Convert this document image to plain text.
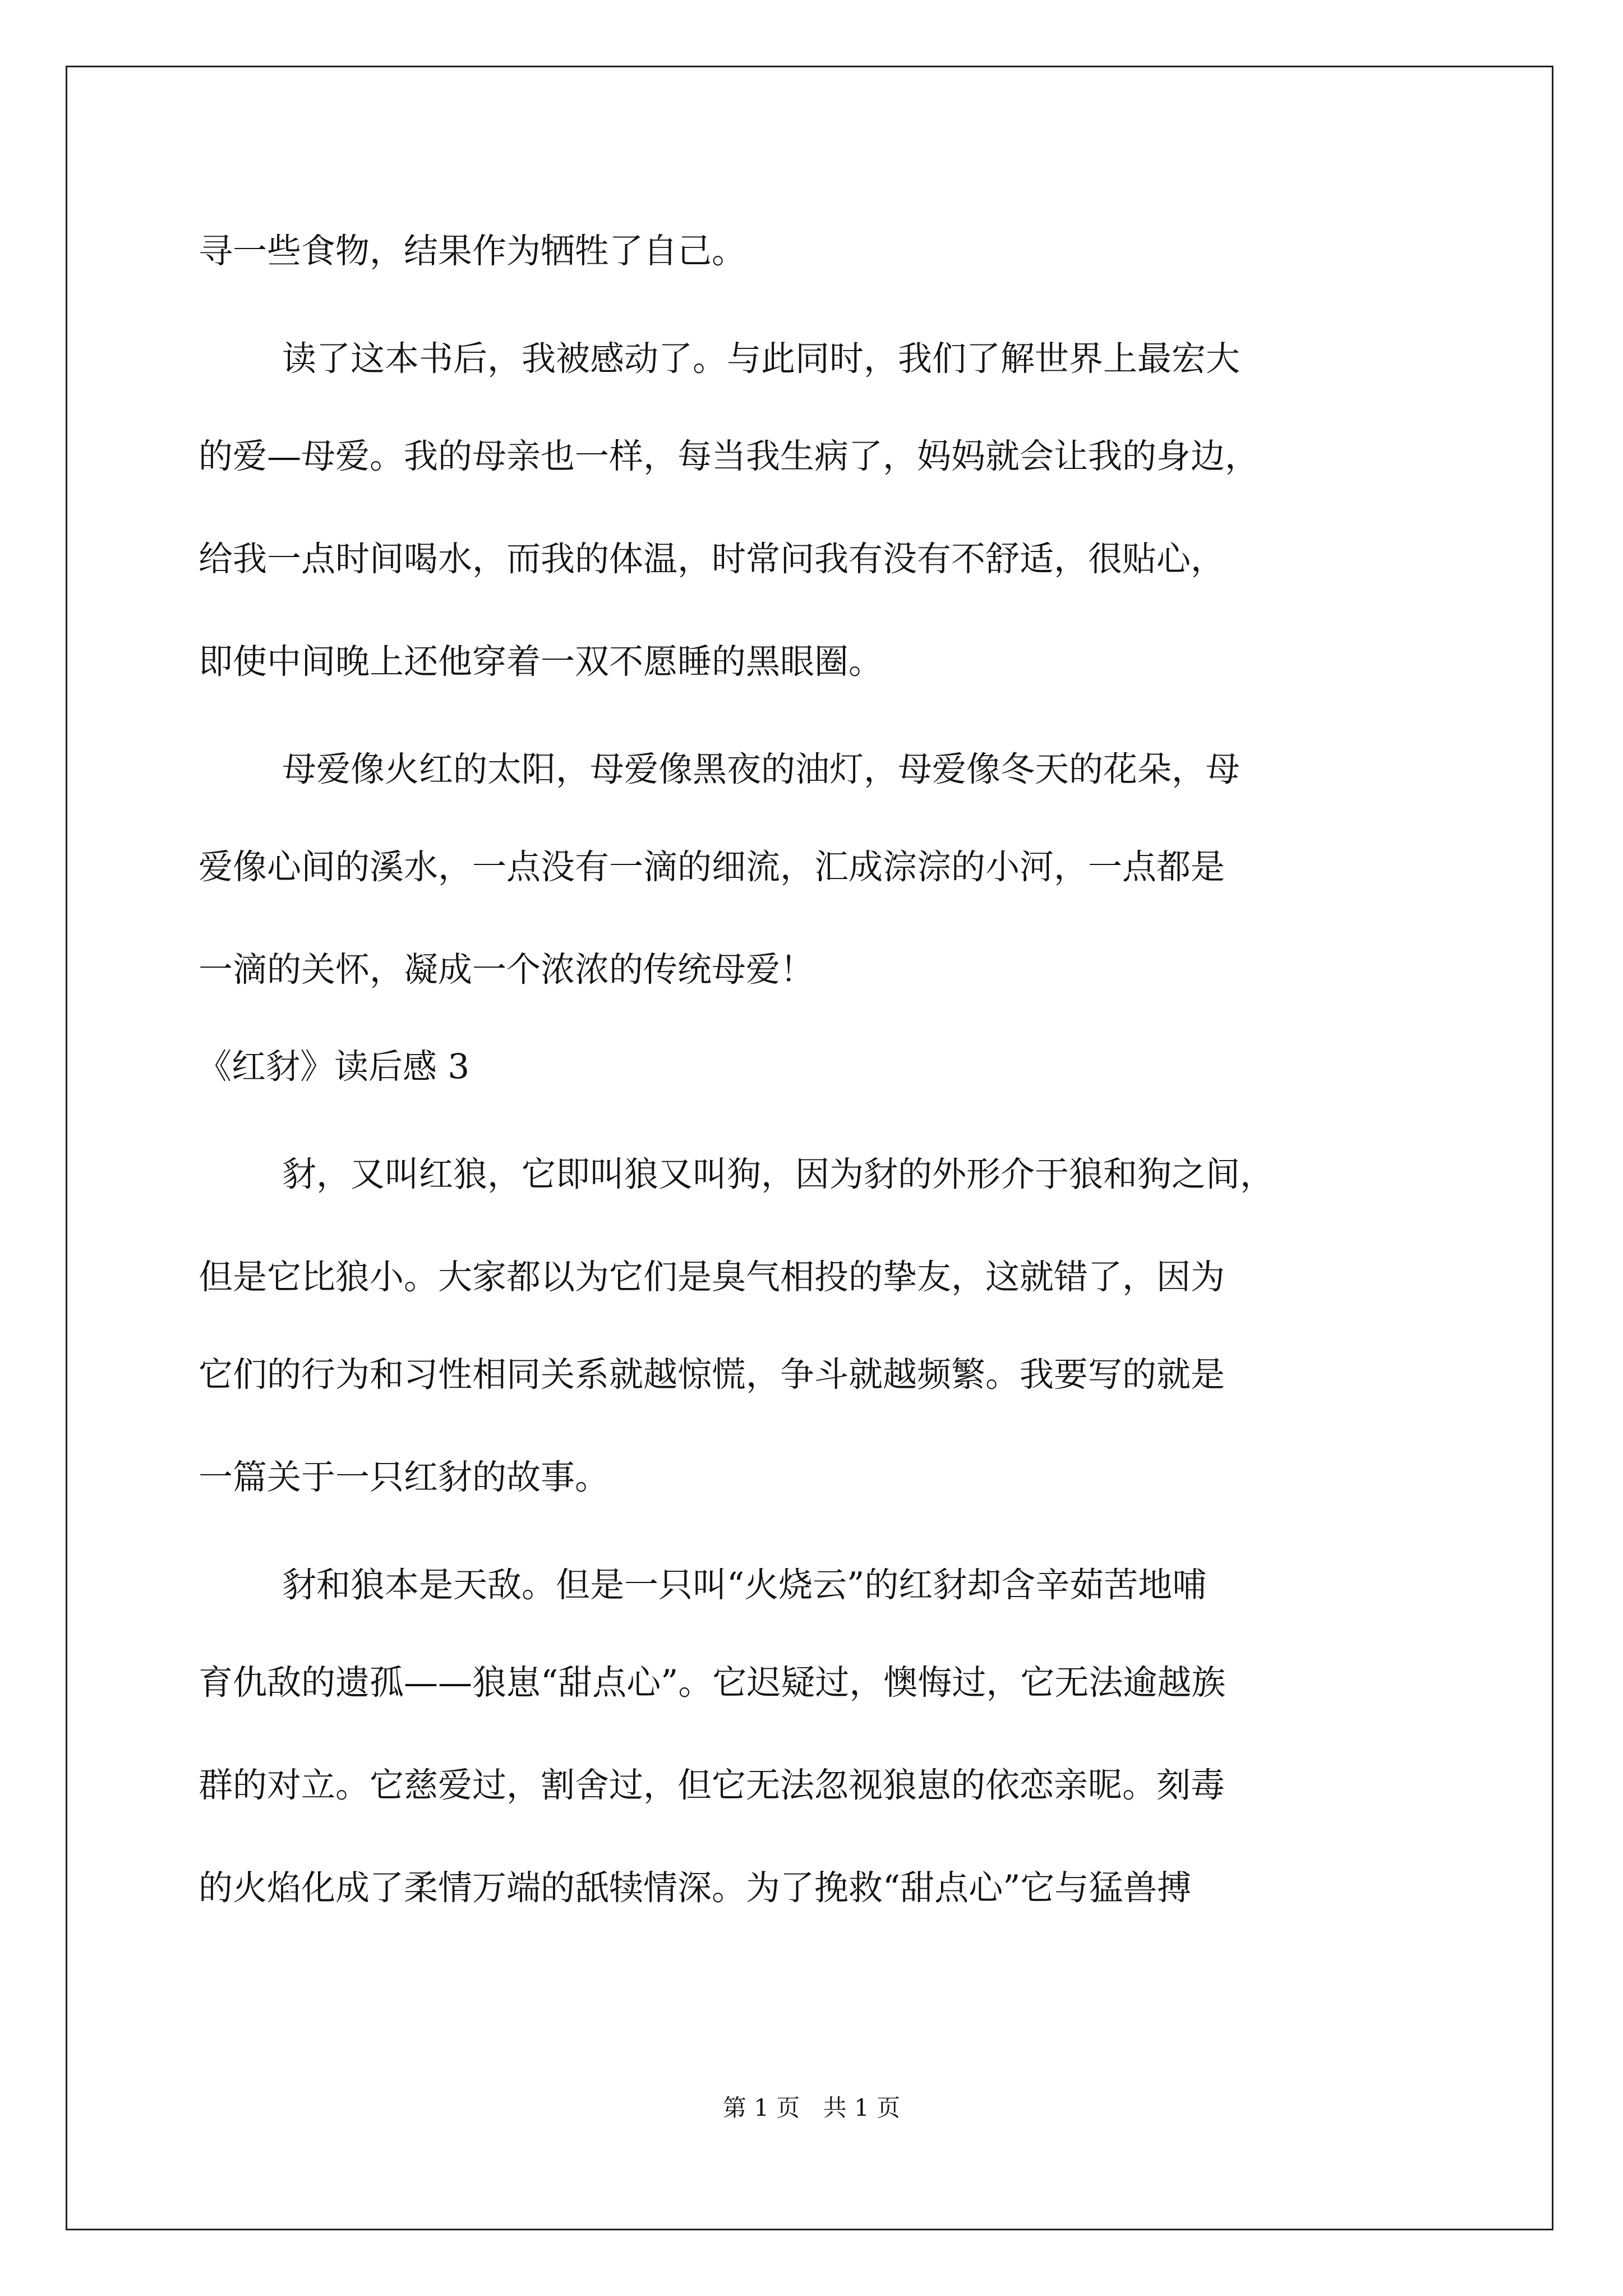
寻一些食物，结果作为牺牲了自己。
读了这本书后，我被感动了。与此同时，我们了解世界上最宏大
的爱—母爱。我的母亲也一样，每当我生病了，妈妈就会让我的身边，
给我一点时间喝水，而我的体温，时常问我有没有不舒适，很贴心，
即使中间晚上还他穿着一双不愿睡的黑眼圈。
母爱像火红的太阳，母爱像黑夜的油灯，母爱像冬天的花朵，母
爱像心间的溪水，一点没有一滴的细流，汇成淙淙的小河，一点都是
一滴的关怀，凝成一个浓浓的传统母爱！
《红豺》读后感 3
豺，又叫红狼，它即叫狼又叫狗，因为豺的外形介于狼和狗之间，
但是它比狼小。大家都以为它们是臭气相投的挚友，这就错了，因为
它们的行为和习性相同关系就越惊慌，争斗就越频繁。我要写的就是
一篇关于一只红豺的故事。
豺和狼本是天敌。但是一只叫“火烧云”的红豺却含辛茹苦地哺
育仇敌的遗孤——狼崽“甜点心”。它迟疑过，懊悔过，它无法逾越族
群的对立。它慈爱过，割舍过，但它无法忽视狼崽的依恋亲昵。刻毒
的火焰化成了柔情万端的舐犊情深。为了挽救“甜点心”它与猛兽搏
第 1 页 共 1 页
